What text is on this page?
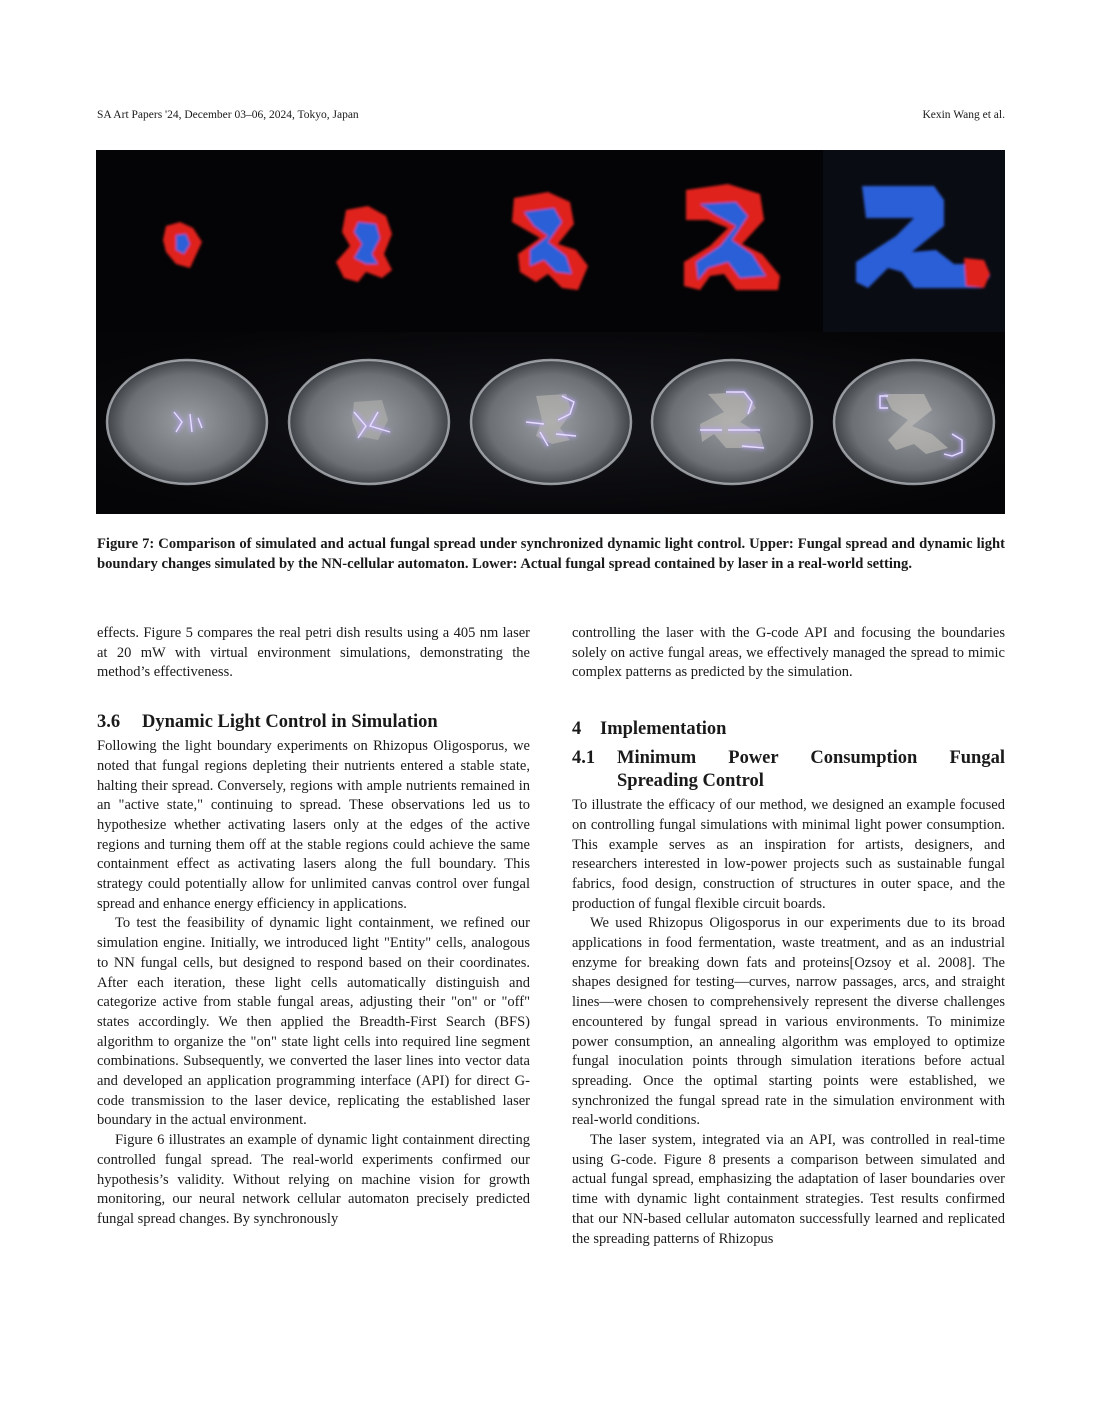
SA Art Papers '24, December 03–06, 2024, Tokyo, Japan	Kexin Wang et al.
Figure 7: Comparison of simulated and actual fungal spread under synchronized dynamic light control. Upper: Fungal spread and dynamic light boundary changes simulated by the NN-cellular automaton. Lower: Actual fungal spread contained by laser in a real-world setting.

effects. Figure 5 compares the real petri dish results using a 405 nm laser at 20 mW with virtual environment simulations, demonstrating the method’s effectiveness.

3.6	Dynamic Light Control in Simulation

Following the light boundary experiments on Rhizopus Oligosporus, we noted that fungal regions depleting their nutrients entered a stable state, halting their spread. Conversely, regions with ample nutrients remained in an "active state," continuing to spread. These observations led us to hypothesize whether activating lasers only at the edges of the active regions and turning them off at the stable regions could achieve the same containment effect as activating lasers along the full boundary. This strategy could potentially allow for unlimited canvas control over fungal spread and enhance energy efficiency in applications.

To test the feasibility of dynamic light containment, we refined our simulation engine. Initially, we introduced light "Entity" cells, analogous to NN fungal cells, but designed to respond based on their coordinates. After each iteration, these light cells automatically distinguish and categorize active from stable fungal areas, adjusting their "on" or "off" states accordingly. We then applied the Breadth-First Search (BFS) algorithm to organize the "on" state light cells into required line segment combinations. Subsequently, we converted the laser lines into vector data and developed an application programming interface (API) for direct G-code transmission to the laser device, replicating the established laser boundary in the actual environment.

Figure 6 illustrates an example of dynamic light containment directing controlled fungal spread. The real-world experiments confirmed our hypothesis’s validity. Without relying on machine vision for growth monitoring, our neural network cellular automaton precisely predicted fungal spread changes. By synchronously

controlling the laser with the G-code API and focusing the boundaries solely on active fungal areas, we effectively managed the spread to mimic complex patterns as predicted by the simulation.

4	Implementation
4.1	Minimum Power Consumption Fungal Spreading Control

To illustrate the efficacy of our method, we designed an example focused on controlling fungal simulations with minimal light power consumption. This example serves as an inspiration for artists, designers, and researchers interested in low-power projects such as sustainable fungal fabrics, food design, construction of structures in outer space, and the production of fungal flexible circuit boards.

We used Rhizopus Oligosporus in our experiments due to its broad applications in food fermentation, waste treatment, and as an industrial enzyme for breaking down fats and proteins[Ozsoy et al. 2008]. The shapes designed for testing—curves, narrow passages, arcs, and straight lines—were chosen to comprehensively represent the diverse challenges encountered by fungal spread in various environments. To minimize power consumption, an annealing algorithm was employed to optimize fungal inoculation points through simulation iterations before actual spreading. Once the optimal starting points were established, we synchronized the fungal spread rate in the simulation environment with real-world conditions.

The laser system, integrated via an API, was controlled in real-time using G-code. Figure 8 presents a comparison between simulated and actual fungal spread, emphasizing the adaptation of laser boundaries over time with dynamic light containment strategies. Test results confirmed that our NN-based cellular automaton successfully learned and replicated the spreading patterns of Rhizopus
